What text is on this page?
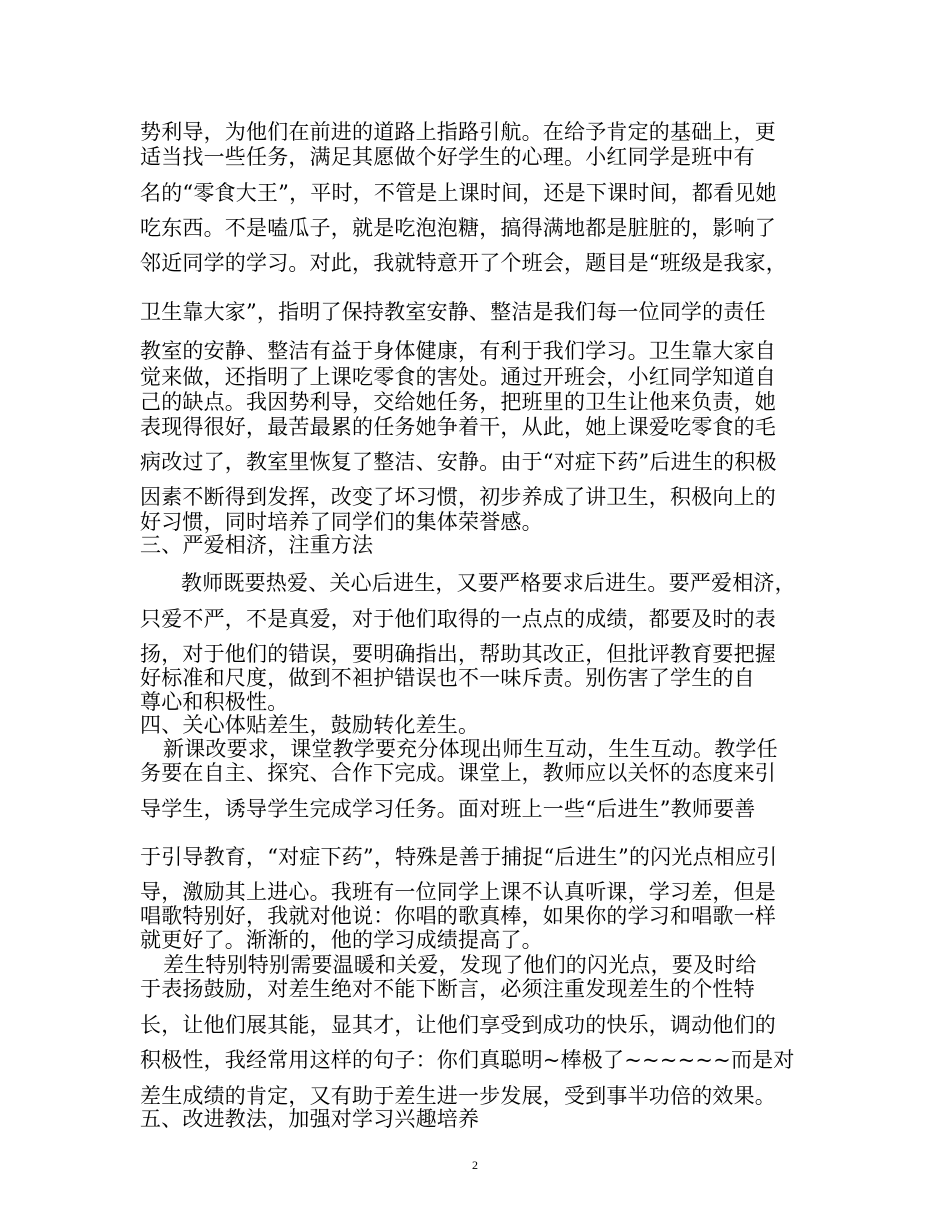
势利导，为他们在前进的道路上指路引航。在给予肯定的基础上，更

适当找一些任务，满足其愿做个好学生的心理。小红同学是班中有

名的“零食大王”，平时，不管是上课时间，还是下课时间，都看见她

吃东西。不是嗑瓜子，就是吃泡泡糖，搞得满地都是脏脏的，影响了

邻近同学的学习。对此，我就特意开了个班会，题目是“班级是我家，

卫生靠大家”，指明了保持教室安静、整洁是我们每一位同学的责任

教室的安静、整洁有益于身体健康，有利于我们学习。卫生靠大家自

觉来做，还指明了上课吃零食的害处。通过开班会，小红同学知道自

己的缺点。我因势利导，交给她任务，把班里的卫生让他来负责，她

表现得很好，最苦最累的任务她争着干，从此，她上课爱吃零食的毛

病改过了，教室里恢复了整洁、安静。由于“对症下药”后进生的积极

因素不断得到发挥，改变了坏习惯，初步养成了讲卫生，积极向上的

好习惯，同时培养了同学们的集体荣誉感。

三、严爱相济，注重方法

教师既要热爱、关心后进生，又要严格要求后进生。要严爱相济，

只爱不严，不是真爱，对于他们取得的一点点的成绩，都要及时的表

扬，对于他们的错误，要明确指出，帮助其改正，但批评教育要把握

好标准和尺度，做到不袒护错误也不一味斥责。别伤害了学生的自

尊心和积极性。

四、关心体贴差生，鼓励转化差生。

新课改要求，课堂教学要充分体现出师生互动，生生互动。教学任

务要在自主、探究、合作下完成。课堂上，教师应以关怀的态度来引

导学生，诱导学生完成学习任务。面对班上一些“后进生”教师要善

于引导教育，“对症下药”，特殊是善于捕捉“后进生”的闪光点相应引

导，激励其上进心。我班有一位同学上课不认真听课，学习差，但是

唱歌特别好，我就对他说：你唱的歌真棒，如果你的学习和唱歌一样

就更好了。渐渐的，他的学习成绩提高了。

差生特别特别需要温暖和关爱，发现了他们的闪光点，要及时给

于表扬鼓励，对差生绝对不能下断言，必须注重发现差生的个性特

长，让他们展其能，显其才，让他们享受到成功的快乐，调动他们的

积极性，我经常用这样的句子：你们真聪明~棒极了~~~~~~而是对

差生成绩的肯定，又有助于差生进一步发展，受到事半功倍的效果。

五、改进教法，加强对学习兴趣培养

2
